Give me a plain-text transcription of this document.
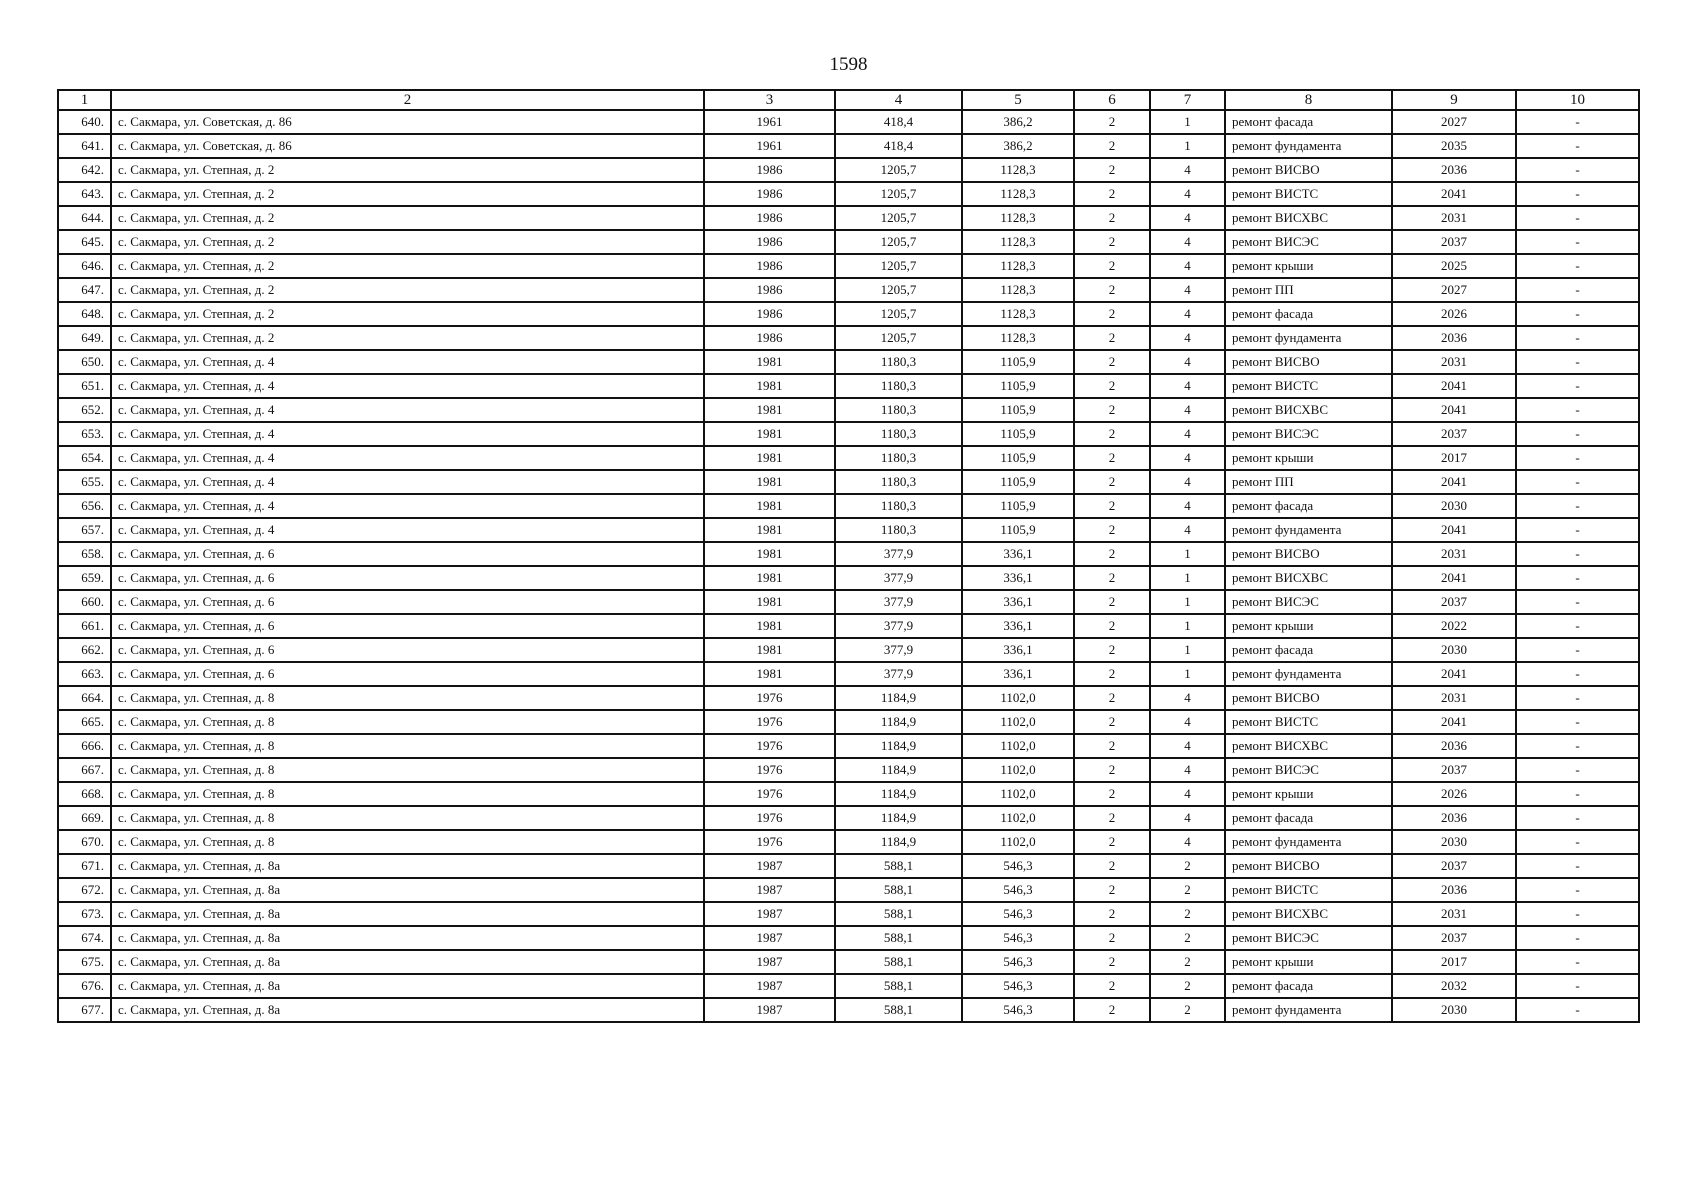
1598
1	2	3	4	5	6	7	8	9	10
640.	с. Сакмара, ул. Советская, д. 86	1961	418,4	386,2	2	1	ремонт фасада	2027	-
641.	с. Сакмара, ул. Советская, д. 86	1961	418,4	386,2	2	1	ремонт фундамента	2035	-
642.	с. Сакмара, ул. Степная, д. 2	1986	1205,7	1128,3	2	4	ремонт ВИСВО	2036	-
643.	с. Сакмара, ул. Степная, д. 2	1986	1205,7	1128,3	2	4	ремонт ВИСТС	2041	-
644.	с. Сакмара, ул. Степная, д. 2	1986	1205,7	1128,3	2	4	ремонт ВИСХВС	2031	-
645.	с. Сакмара, ул. Степная, д. 2	1986	1205,7	1128,3	2	4	ремонт ВИСЭС	2037	-
646.	с. Сакмара, ул. Степная, д. 2	1986	1205,7	1128,3	2	4	ремонт крыши	2025	-
647.	с. Сакмара, ул. Степная, д. 2	1986	1205,7	1128,3	2	4	ремонт ПП	2027	-
648.	с. Сакмара, ул. Степная, д. 2	1986	1205,7	1128,3	2	4	ремонт фасада	2026	-
649.	с. Сакмара, ул. Степная, д. 2	1986	1205,7	1128,3	2	4	ремонт фундамента	2036	-
650.	с. Сакмара, ул. Степная, д. 4	1981	1180,3	1105,9	2	4	ремонт ВИСВО	2031	-
651.	с. Сакмара, ул. Степная, д. 4	1981	1180,3	1105,9	2	4	ремонт ВИСТС	2041	-
652.	с. Сакмара, ул. Степная, д. 4	1981	1180,3	1105,9	2	4	ремонт ВИСХВС	2041	-
653.	с. Сакмара, ул. Степная, д. 4	1981	1180,3	1105,9	2	4	ремонт ВИСЭС	2037	-
654.	с. Сакмара, ул. Степная, д. 4	1981	1180,3	1105,9	2	4	ремонт крыши	2017	-
655.	с. Сакмара, ул. Степная, д. 4	1981	1180,3	1105,9	2	4	ремонт ПП	2041	-
656.	с. Сакмара, ул. Степная, д. 4	1981	1180,3	1105,9	2	4	ремонт фасада	2030	-
657.	с. Сакмара, ул. Степная, д. 4	1981	1180,3	1105,9	2	4	ремонт фундамента	2041	-
658.	с. Сакмара, ул. Степная, д. 6	1981	377,9	336,1	2	1	ремонт ВИСВО	2031	-
659.	с. Сакмара, ул. Степная, д. 6	1981	377,9	336,1	2	1	ремонт ВИСХВС	2041	-
660.	с. Сакмара, ул. Степная, д. 6	1981	377,9	336,1	2	1	ремонт ВИСЭС	2037	-
661.	с. Сакмара, ул. Степная, д. 6	1981	377,9	336,1	2	1	ремонт крыши	2022	-
662.	с. Сакмара, ул. Степная, д. 6	1981	377,9	336,1	2	1	ремонт фасада	2030	-
663.	с. Сакмара, ул. Степная, д. 6	1981	377,9	336,1	2	1	ремонт фундамента	2041	-
664.	с. Сакмара, ул. Степная, д. 8	1976	1184,9	1102,0	2	4	ремонт ВИСВО	2031	-
665.	с. Сакмара, ул. Степная, д. 8	1976	1184,9	1102,0	2	4	ремонт ВИСТС	2041	-
666.	с. Сакмара, ул. Степная, д. 8	1976	1184,9	1102,0	2	4	ремонт ВИСХВС	2036	-
667.	с. Сакмара, ул. Степная, д. 8	1976	1184,9	1102,0	2	4	ремонт ВИСЭС	2037	-
668.	с. Сакмара, ул. Степная, д. 8	1976	1184,9	1102,0	2	4	ремонт крыши	2026	-
669.	с. Сакмара, ул. Степная, д. 8	1976	1184,9	1102,0	2	4	ремонт фасада	2036	-
670.	с. Сакмара, ул. Степная, д. 8	1976	1184,9	1102,0	2	4	ремонт фундамента	2030	-
671.	с. Сакмара, ул. Степная, д. 8а	1987	588,1	546,3	2	2	ремонт ВИСВО	2037	-
672.	с. Сакмара, ул. Степная, д. 8а	1987	588,1	546,3	2	2	ремонт ВИСТС	2036	-
673.	с. Сакмара, ул. Степная, д. 8а	1987	588,1	546,3	2	2	ремонт ВИСХВС	2031	-
674.	с. Сакмара, ул. Степная, д. 8а	1987	588,1	546,3	2	2	ремонт ВИСЭС	2037	-
675.	с. Сакмара, ул. Степная, д. 8а	1987	588,1	546,3	2	2	ремонт крыши	2017	-
676.	с. Сакмара, ул. Степная, д. 8а	1987	588,1	546,3	2	2	ремонт фасада	2032	-
677.	с. Сакмара, ул. Степная, д. 8а	1987	588,1	546,3	2	2	ремонт фундамента	2030	-
